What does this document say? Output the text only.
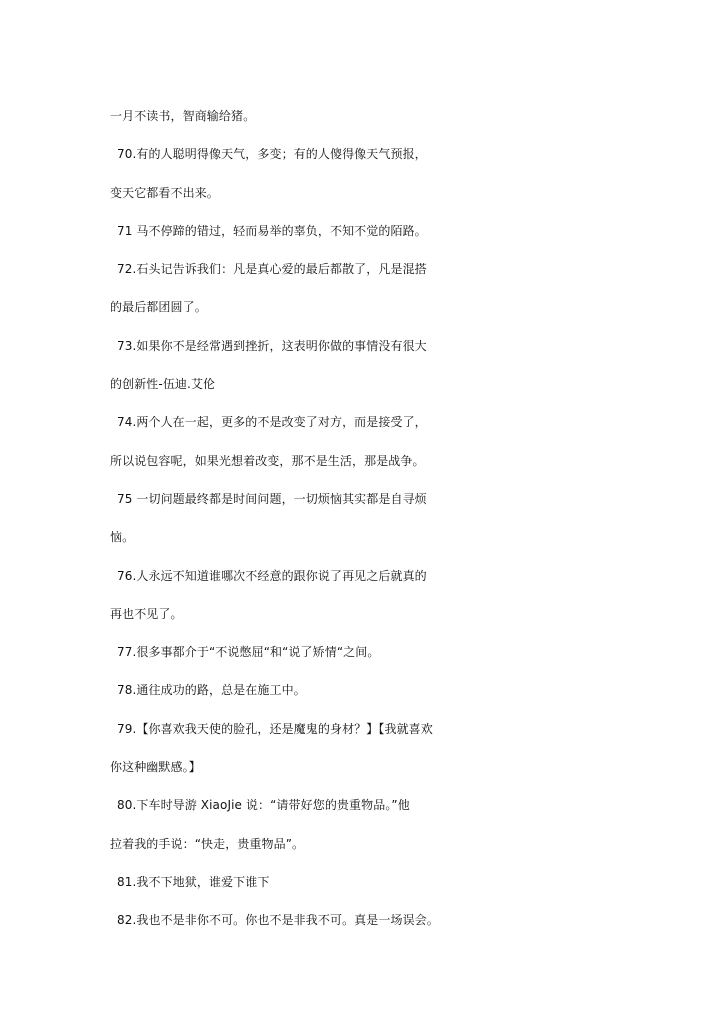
一月不读书，智商输给猪。
70.有的人聪明得像天气，多变；有的人傻得像天气预报，
变天它都看不出来。
71 马不停蹄的错过，轻而易举的辜负，不知不觉的陌路。
72.石头记告诉我们：凡是真心爱的最后都散了，凡是混搭
的最后都团圆了。
73.如果你不是经常遇到挫折，这表明你做的事情没有很大
的创新性-伍迪.艾伦
74.两个人在一起，更多的不是改变了对方，而是接受了，
所以说包容呢，如果光想着改变，那不是生活，那是战争。
75 一切问题最终都是时间问题，一切烦恼其实都是自寻烦
恼。
76.人永远不知道谁哪次不经意的跟你说了再见之后就真的
再也不见了。
77.很多事都介于“不说憋屈“和“说了矫情“之间。
78.通往成功的路，总是在施工中。
79.【你喜欢我天使的脸孔，还是魔鬼的身材？】【我就喜欢
你这种幽默感。】
80.下车时导游 XiaoJie 说：“请带好您的贵重物品。”他
拉着我的手说：“快走，贵重物品”。
81.我不下地狱，谁爱下谁下
82.我也不是非你不可。你也不是非我不可。真是一场误会。
